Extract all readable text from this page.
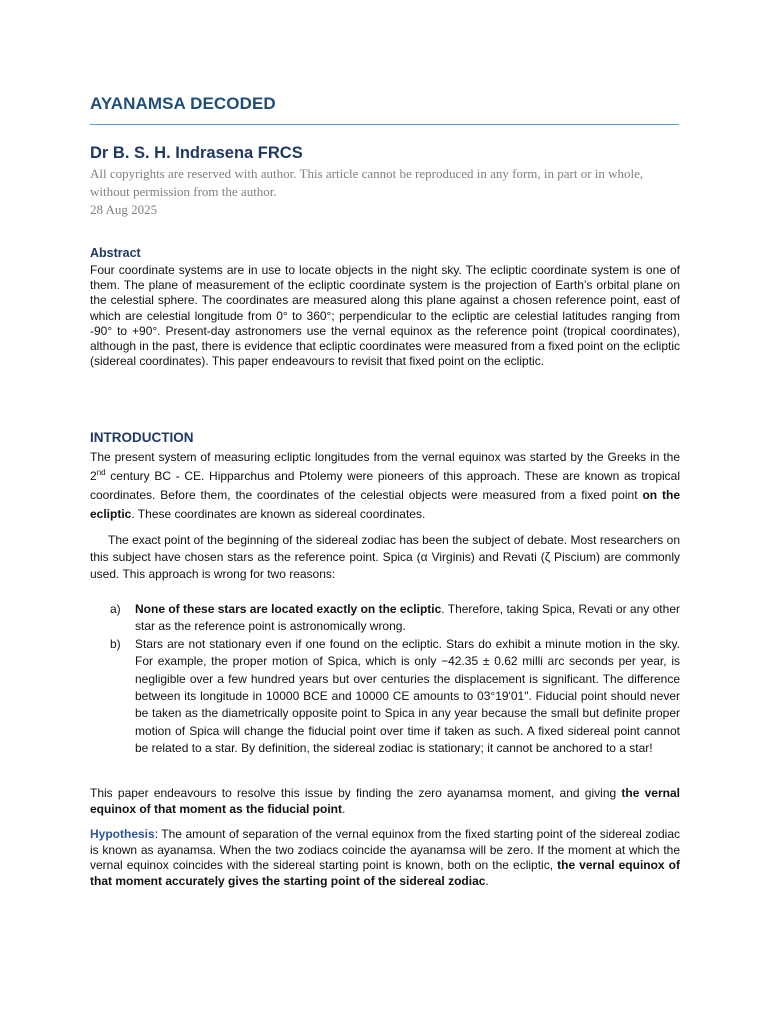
AYANAMSA DECODED
Dr B. S. H. Indrasena FRCS

All copyrights are reserved with author. This article cannot be reproduced in any form, in part or in whole, without permission from the author.
28 Aug 2025

Abstract

Four coordinate systems are in use to locate objects in the night sky. The ecliptic coordinate system is one of them. The plane of measurement of the ecliptic coordinate system is the projection of Earth’s orbital plane on the celestial sphere. The coordinates are measured along this plane against a chosen reference point, east of which are celestial longitude from 0° to 360°; perpendicular to the ecliptic are celestial latitudes ranging from -90° to +90°. Present-day astronomers use the vernal equinox as the reference point (tropical coordinates), although in the past, there is evidence that ecliptic coordinates were measured from a fixed point on the ecliptic (sidereal coordinates). This paper endeavours to revisit that fixed point on the ecliptic.

INTRODUCTION

The present system of measuring ecliptic longitudes from the vernal equinox was started by the Greeks in the 2nd century BC - CE. Hipparchus and Ptolemy were pioneers of this approach. These are known as tropical coordinates. Before them, the coordinates of the celestial objects were measured from a fixed point on the ecliptic. These coordinates are known as sidereal coordinates.

The exact point of the beginning of the sidereal zodiac has been the subject of debate. Most researchers on this subject have chosen stars as the reference point. Spica (α Virginis) and Revati (ζ Piscium) are commonly used. This approach is wrong for two reasons:

a) None of these stars are located exactly on the ecliptic. Therefore, taking Spica, Revati or any other star as the reference point is astronomically wrong.
b) Stars are not stationary even if one found on the ecliptic. Stars do exhibit a minute motion in the sky. For example, the proper motion of Spica, which is only −42.35 ± 0.62 milli arc seconds per year, is negligible over a few hundred years but over centuries the displacement is significant. The difference between its longitude in 10000 BCE and 10000 CE amounts to 03°19'01". Fiducial point should never be taken as the diametrically opposite point to Spica in any year because the small but definite proper motion of Spica will change the fiducial point over time if taken as such. A fixed sidereal point cannot be related to a star. By definition, the sidereal zodiac is stationary; it cannot be anchored to a star!

This paper endeavours to resolve this issue by finding the zero ayanamsa moment, and giving the vernal equinox of that moment as the fiducial point.

Hypothesis: The amount of separation of the vernal equinox from the fixed starting point of the sidereal zodiac is known as ayanamsa. When the two zodiacs coincide the ayanamsa will be zero. If the moment at which the vernal equinox coincides with the sidereal starting point is known, both on the ecliptic, the vernal equinox of that moment accurately gives the starting point of the sidereal zodiac.
